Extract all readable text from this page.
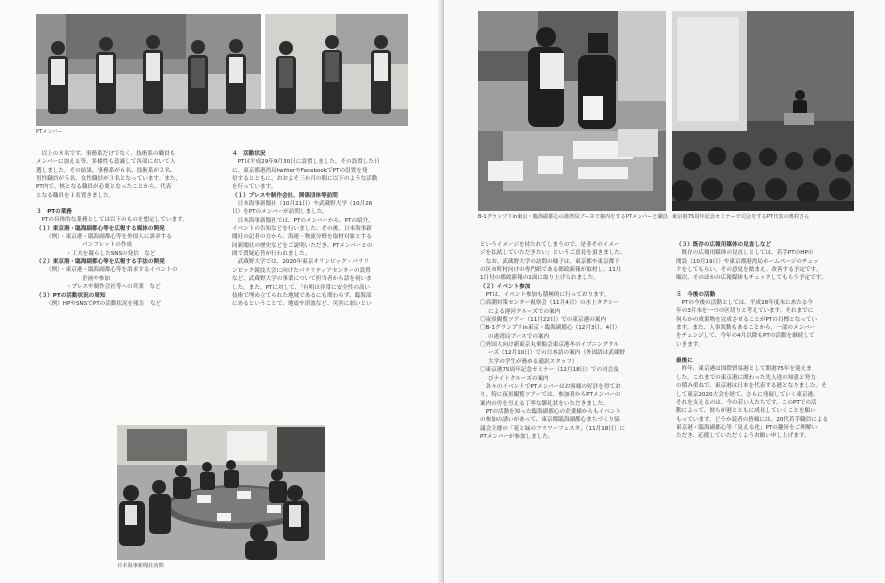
PTメンバー

以上の８名です。事務系だけでなく、技術系の職員も

メンバーに加える等、多様性も意識して各部において人

選しました。その結果、事務系が６名、技術系が２名、

男性職員が５名、女性職員が３名となっています。また、

PT内で、核となる職員が必要となったことから、代表

となる職員を１名置きました。

３　PTの業務

PTの具体的な業務としては以下のものを想定しています。

（１）東京港・臨海副都心等を広報する媒体の開発

（例）・東京港・臨海副都心等を外国人に訴求する

パンフレットの作成

・工夫を凝らしたSNSの発信　など

（２）東京港・臨海副都心等を広報する手法の開発

（例）・東京港・臨海副都心等を訴求するイベントの

企画や参加

・プレスや制作会社等への営業　など

（３）PTの活動状況の周知

（例）HPやSNSでPTの活動状況を報告　など

４　活動状況

PTは平成29年9月30日に設置しました。その設置した日

に、東京都港湾局twitterやFacebookでPTの設置を発

信するとともに、おおよそ三か月の間に以下のような活動

を行っています。

（１）プレスや制作会社、関係団体等訪問

日本海事新聞社（10月21日）や武蔵野大学（10月26

日）をPTのメンバーが訪問しました。

日本海事新聞社では、PTのメンバーから、PTの紹介、

イベントの告知などを行いました。その後、日本海事新

聞社の記者の方から、海運・物流分野を取材対象とする

同新聞社の歴史などをご説明いただき、PTメンバーとの

間で質疑応答が行われました。

武蔵野大学では、2020年東京オリンピック・パラリ

ンピック競技大会に向けたパラリティアセンターの設置

など、武蔵野大学の事業について担当者から話を伺いま

した。また、PTに対して、「有明は非常に安全性の高い

技術で埋め立てられた地域であるにも関わらず、臨海部

にあるということで、地震や津波など、災害に弱いとい

日本海事新聞社訪問
B-1グランプリin東京・臨海副都心の港湾局ブースで案内をするPTメンバーと職員 東京港75周年記念セミナーで司会をするPT代表の奥村さん

というイメージを持たれてしまうので、是非そのイメー

ジを払拭していただきたい」というご意見を頂きました。

なお、武蔵野大学の訪問の様子は、東京都や東京都下

の区市町村向けの専門紙である都政新報が取材し、11月

1日付の都政新報の1面に取り上げられました。

（２）イベント参加

PTは、イベント参加も積極的に行っております。

〇高潮対策センター視察会（11月4日）の水上タクシー

による運河クルーズでの案内

〇夜景観覧ツアー（11月22日）での東京港の案内

〇B-1グランプリin東京・臨海副都心（12月3日、4日）

の港湾局ブースでの案内

〇外国人向け新東京丸乗船会東京港冬のイブニングクル

ーズ（12月10日）での日本語の案内（外国語は武蔵野

大学の学生が務める通訳スタッフ）

〇東京港75周年記念セミナー（12月18日）での司会及

びナイトクルーズの案内

各々のイベントでPTメンバーはお客様の好評を得てお

り、特に夜景観覧ツアーでは、参加者からPTメンバーの

案内の労を労える丁寧な御礼状をいただきました。

PTの活動を知った臨海副都心の企業様からもイベント

の参加の誘いがあって、東京都臨海副都心まちづくり協

議会主催の「花と緑のフラワーフェスタ」（11月18日）に

PTメンバーが参加しました。

（３）既存の広報用媒体の見直しなど

既存の広報用媒体の見直しとしては、若手PTのHPの

開設（10月19日）や東京都港湾局ホームページのチェッ

クをしてもらい、その意見を踏まえ、改善する予定です。

順次、そのほかの広報媒体もチェックしてもらう予定です。

５　今後の活動

PTの今後の活動としては、平成28年度末にあたる今

年の3月末を一つの区切りと考えています。それまでに

何らかの成果物を完成させることがPTの目標となってい

ます。また、人事異動もあることから、一部のメンバー

をチェンジして、今年の4月以降もPTの活動を継続して

いきます。

最後に

昨年、東京港は国際貿易港として開港75年を迎えま

した。これまでの東京港に関わった先人達の知恵と努力

の積み重ねで、東京港は日本を代表する港となりました。そ

して東京2020大会を経て、さらに発展していく東京港。

それを支えるのは、今の若い人たちです。このPTでの活

動によって、彼らが港とともに成長していくことを願い

もっています。どうか読者の皆様には、20代若手職員による

東京港・臨海副都心等「見える化」PTの趣旨をご理解い

ただき、応援していただくようお願い申し上げます。
